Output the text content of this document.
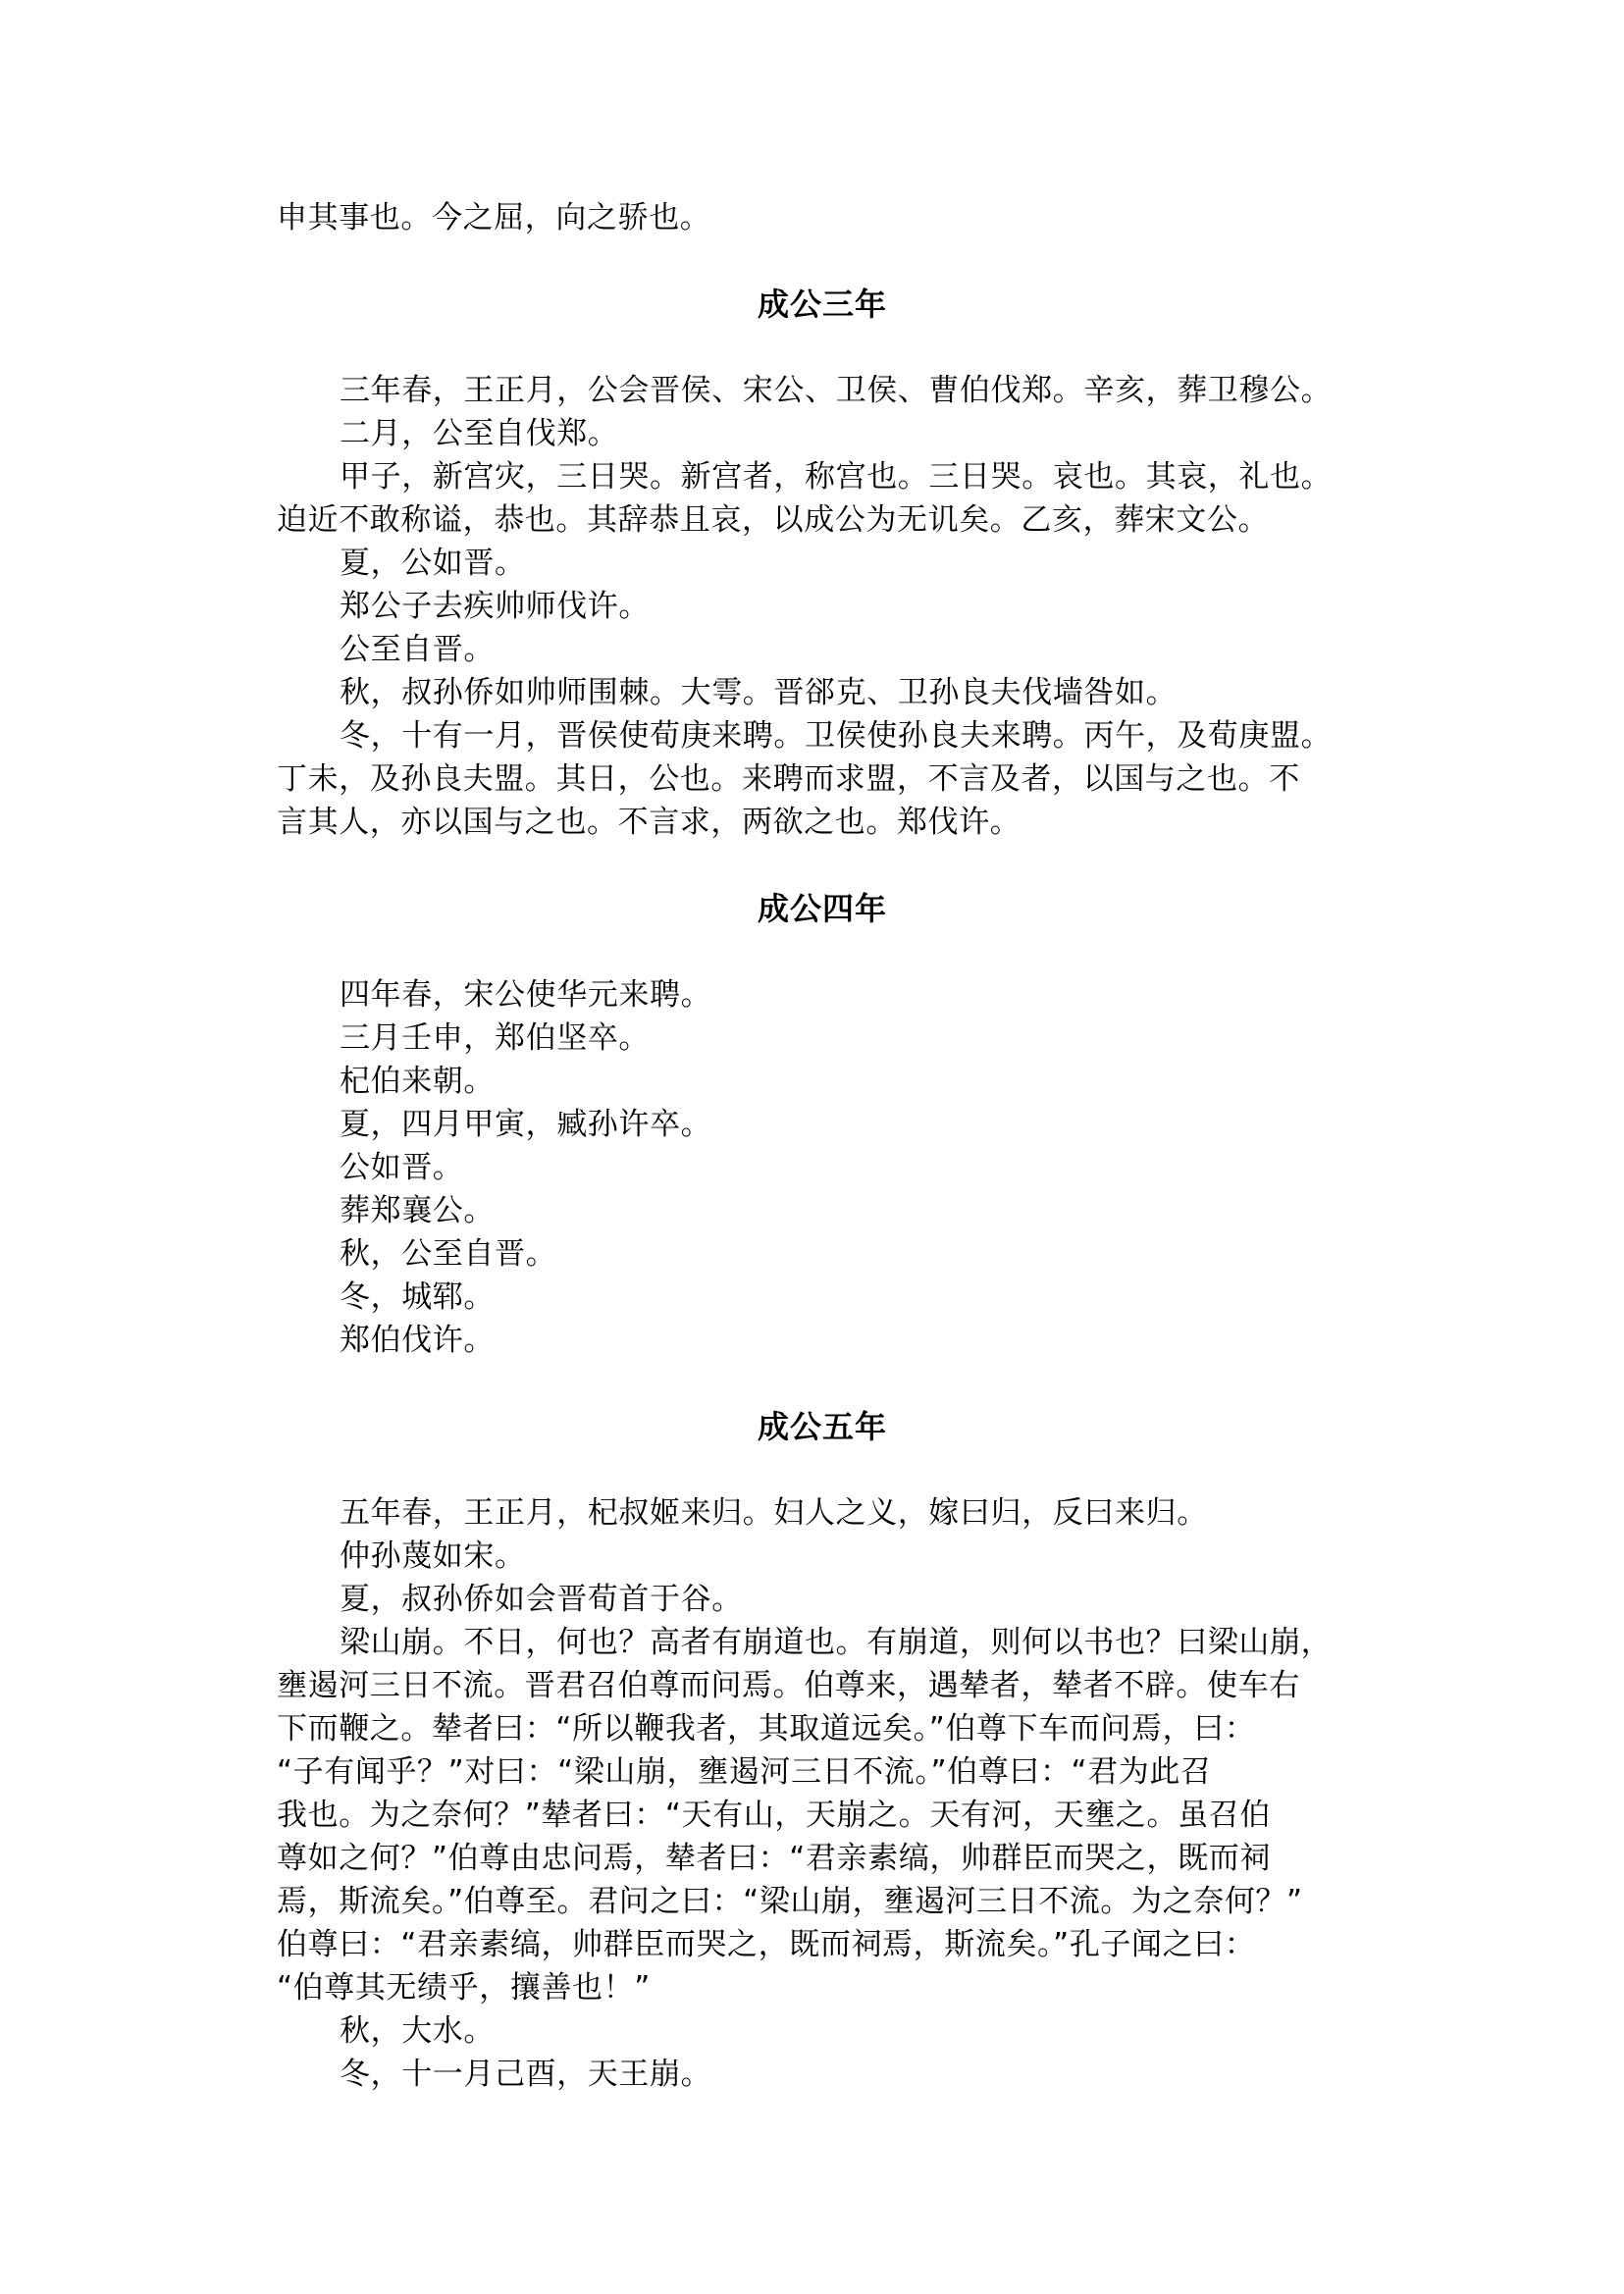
申其事也。今之屈，向之骄也。
成公三年
三年春，王正月，公会晋侯、宋公、卫侯、曹伯伐郑。辛亥，葬卫穆公。
二月，公至自伐郑。
甲子，新宫灾，三日哭。新宫者，称宫也。三日哭。哀也。其哀，礼也。
迫近不敢称谥，恭也。其辞恭且哀，以成公为无讥矣。乙亥，葬宋文公。
夏，公如晋。
郑公子去疾帅师伐许。
公至自晋。
秋，叔孙侨如帅师围棘。大雩。晋郤克、卫孙良夫伐墙咎如。
冬，十有一月，晋侯使荀庚来聘。卫侯使孙良夫来聘。丙午，及荀庚盟。
丁未，及孙良夫盟。其日，公也。来聘而求盟，不言及者，以国与之也。不
言其人，亦以国与之也。不言求，两欲之也。郑伐许。
成公四年
四年春，宋公使华元来聘。
三月壬申，郑伯坚卒。
杞伯来朝。
夏，四月甲寅，臧孙许卒。
公如晋。
葬郑襄公。
秋，公至自晋。
冬，城郓。
郑伯伐许。
成公五年
五年春，王正月，杞叔姬来归。妇人之义，嫁曰归，反曰来归。
仲孙蔑如宋。
夏，叔孙侨如会晋荀首于谷。
梁山崩。不日，何也？高者有崩道也。有崩道，则何以书也？曰梁山崩，
壅遏河三日不流。晋君召伯尊而问焉。伯尊来，遇辇者，辇者不辟。使车右
下而鞭之。辇者曰：“所以鞭我者，其取道远矣。”伯尊下车而问焉，曰：
“子有闻乎？”对曰：“梁山崩，壅遏河三日不流。”伯尊曰：“君为此召
我也。为之奈何？”辇者曰：“天有山，天崩之。天有河，天壅之。虽召伯
尊如之何？”伯尊由忠问焉，辇者曰：“君亲素缟，帅群臣而哭之，既而祠
焉，斯流矣。”伯尊至。君问之曰：“梁山崩，壅遏河三日不流。为之奈何？”
伯尊曰：“君亲素缟，帅群臣而哭之，既而祠焉，斯流矣。”孔子闻之曰：
“伯尊其无绩乎，攘善也！”
秋，大水。
冬，十一月己酉，天王崩。
